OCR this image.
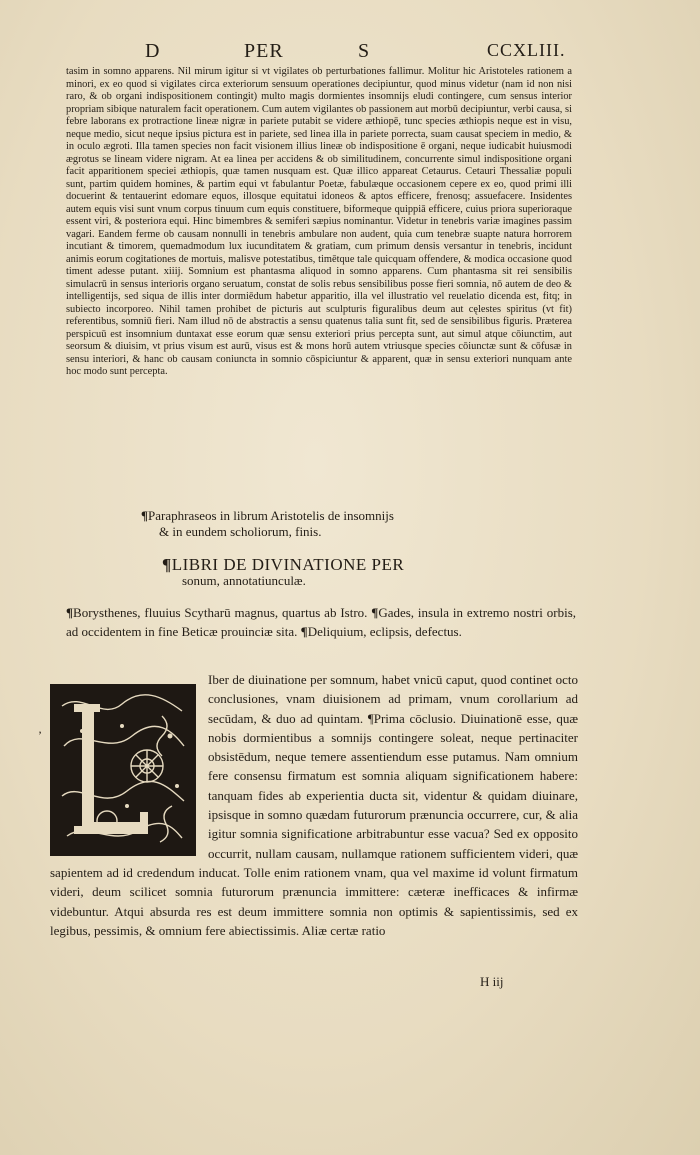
D	PER	S	CCXLIII.

tasim in somno apparens. Nil mirum igitur si vt vigilates ob perturbationes fallimur. Molitur hic Aristoteles rationem a minori, ex eo quod si vigilates circa exteriorum sensuum operationes decipiuntur, quod minus videtur (nam id non nisi raro, & ob organi indispositionem contingit) multo magis dormientes insomnijs eludi contingere, cum sensus interior propriam sibique naturalem facit operationem. Cum autem vigilantes ob passionem aut morbū decipiuntur, verbi causa, si febre laborans ex protractione lineæ nigræ in pariete putabit se videre æthiopē, tunc species æthiopis neque est in visu, neque medio, sicut neque ipsius pictura est in pariete, sed linea illa in pariete porrecta, suam causat speciem in medio, & in oculo ægroti. Illa tamen species non facit visionem illius lineæ ob indispositione ē organi, neque iudicabit huiusmodi ægrotus se lineam videre nigram. At ea linea per accidens & ob similitudinem, concurrente simul indispositione organi facit apparitionem speciei æthiopis, quæ tamen nusquam est. Quæ illico appareat Cetaurus. Cetauri Thessaliæ populi sunt, partim quidem homines, & partim equi vt fabulantur Poetæ, fabulæque occasionem cepere ex eo, quod primi illi docuerint & tentauerint edomare equos, illosque equitatui idoneos & aptos efficere, frenosq; assuefacere. Insidentes autem equis visi sunt vnum corpus tinuum cum equis constituere, biformeque quippiā efficere, cuius priora superioraque essent viri, & posteriora equi. Hinc bimembres & semiferi sæpius nominantur. Videtur in tenebris variæ imagines passim vagari. Eandem ferme ob causam nonnulli in tenebris ambulare non audent, quia cum tenebræ suapte natura horrorem incutiant & timorem, quemadmodum lux iucunditatem & gratiam, cum primum densis versantur in tenebris, incidunt animis eorum cogitationes de mortuis, malisve potestatibus, timētque tale quicquam offendere, & modica occasione quod timent adesse putant. xiiij. Somnium est phantasma aliquod in somno apparens. Cum phantasma sit rei sensibilis simulacrū in sensus interioris organo seruatum, constat de solis rebus sensibilibus posse fieri somnia, nō autem de deo & intelligentijs, sed siqua de illis inter dormiēdum habetur apparitio, illa vel illustratio vel reuelatio dicenda est, fitq; in subiecto incorporeo. Nihil tamen prohibet de picturis aut sculpturis figuralibus deum aut cęlestes spiritus (vt fit) referentibus, somniū fieri. Nam illud nō de abstractis a sensu quatenus talia sunt fit, sed de sensibilibus figuris. Præterea perspicuū est insomnium duntaxat esse eorum quæ sensu exteriori prius percepta sunt, aut simul atque cōiunctim, aut seorsum & diuisim, vt prius visum est aurū, visus est & mons horū autem vtriusque species cōiunctæ sunt & cōfusæ in sensu interiori, & hanc ob causam coniuncta in somnio cōspiciuntur & apparent, quæ in sensu exteriori nunquam ante hoc modo sunt percepta.

¶Paraphraseos in librum Aristotelis de insomnijs
& in eundem scholiorum, finis.

¶LIBRI DE DIVINATIONE PER
sonum, annotatiunculæ.

¶Borysthenes, fluuius Scytharū magnus, quartus ab Istro. ¶Gades, insula in extremo nostri orbis, ad occidentem in fine Beticæ prouinciæ sita. ¶Deliquium, eclipsis, defectus.

Iber de diuinatione per somnum, habet vnicū caput, quod continet octo conclusiones, vnam diuisionem ad primam, vnum corollarium ad secūdam, & duo ad quintam. ¶Prima cōclusio. Diuinationē esse, quæ nobis dormientibus a somnijs contingere soleat, neque pertinaciter obsistēdum, neque temere assentiendum esse putamus. Nam omnium fere consensu firmatum est somnia aliquam significationem habere: tanquam fides ab experientia ducta sit, videntur & quidam diuinare, ipsisque in somno quædam futurorum prænuncia occurrere, cur, & alia igitur somnia significatione arbitrabuntur esse vacua? Sed ex opposito occurrit, nullam causam, nullamque rationem sufficientem videri, quæ sapientem ad id credendum inducat. Tolle enim rationem vnam, qua vel maxime id volunt firmatum videri, deum scilicet somnia futurorum prænuncia immittere: cæteræ inefficaces & infirmæ videbuntur. Atqui absurda res est deum immittere somnia non optimis & sapientissimis, sed ex legibus, pessimis, & omnium fere abiectissimis. Aliæ certæ ratio
’
H iij
